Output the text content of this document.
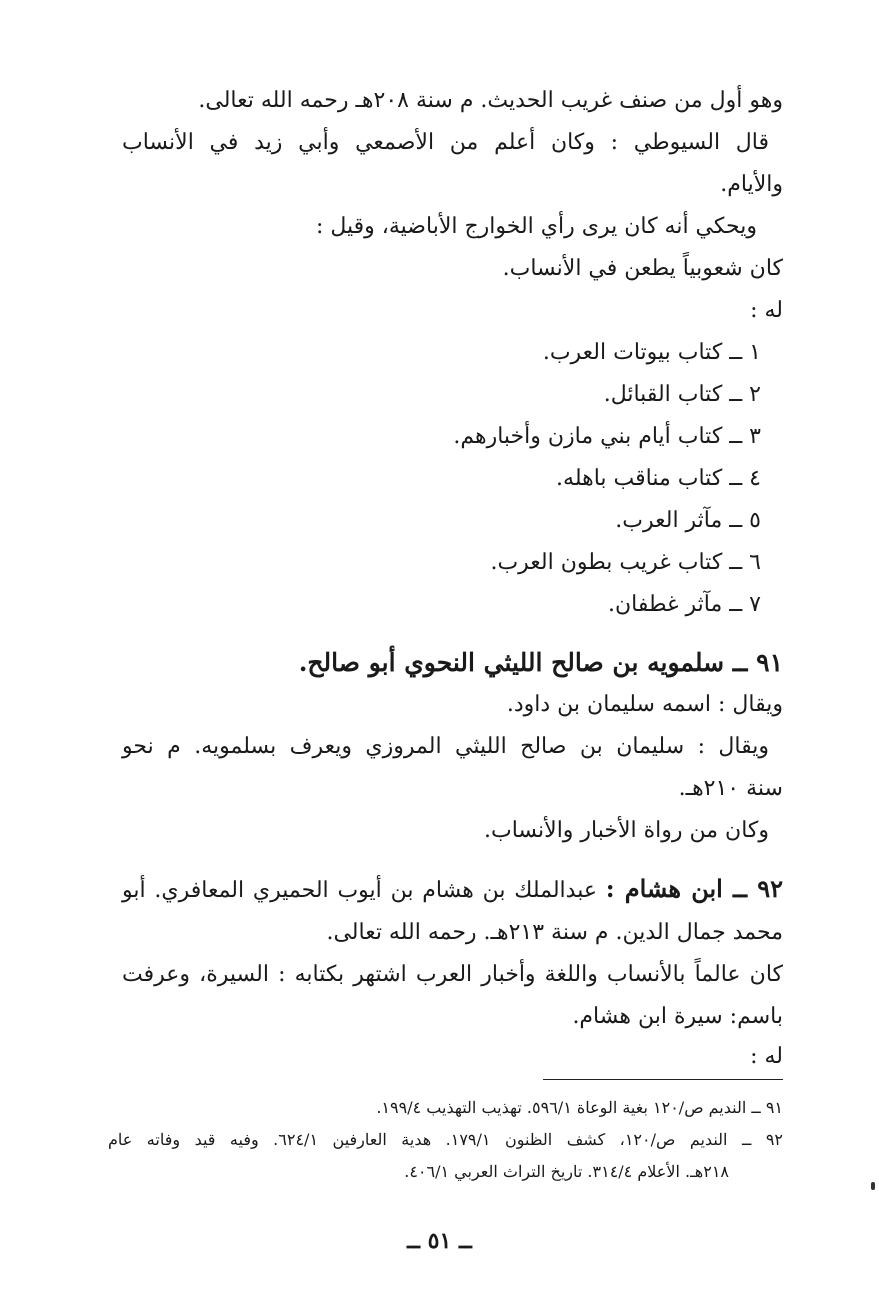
وهو أول من صنف غريب الحديث. م سنة ٢٠٨هـ رحمه الله تعالى.
قال السيوطي : وكان أعلم من الأصمعي وأبي زيد في الأنساب
والأيام.
ويحكي أنه كان يرى رأي الخوارج الأباضية، وقيل :
كان شعوبياً يطعن في الأنساب.
له :
١ ــ كتاب بيوتات العرب.
٢ ــ كتاب القبائل.
٣ ــ كتاب أيام بني مازن وأخبارهم.
٤ ــ كتاب مناقب باهله.
٥ ــ مآثر العرب.
٦ ــ كتاب غريب بطون العرب.
٧ ــ مآثر غطفان.
٩١ ــ سلمويه بن صالح الليثي النحوي أبو صالح.
ويقال : اسمه سليمان بن داود.
ويقال : سليمان بن صالح الليثي المروزي ويعرف بسلمويه. م نحو
سنة ٢١٠هـ.
وكان من رواة الأخبار والأنساب.
٩٢ ــ ابن هشام : عبدالملك بن هشام بن أيوب الحميري المعافري. أبو
محمد جمال الدين. م سنة ٢١٣هـ. رحمه الله تعالى.
كان عالماً بالأنساب واللغة وأخبار العرب اشتهر بكتابه : السيرة، وعرفت
باسم: سيرة ابن هشام.
له :
٩١ ــ النديم ص/١٢٠ بغية الوعاة ٥٩٦/١. تهذيب التهذيب ١٩٩/٤.
٩٢ ــ النديم ص/١٢٠، كشف الظنون ١٧٩/١. هدية العارفين ٦٢٤/١. وفيه قيد وفاته عام
٢١٨هـ. الأعلام ٣١٤/٤. تاريخ التراث العربي ٤٠٦/١.
ــ ٥١ ــ
